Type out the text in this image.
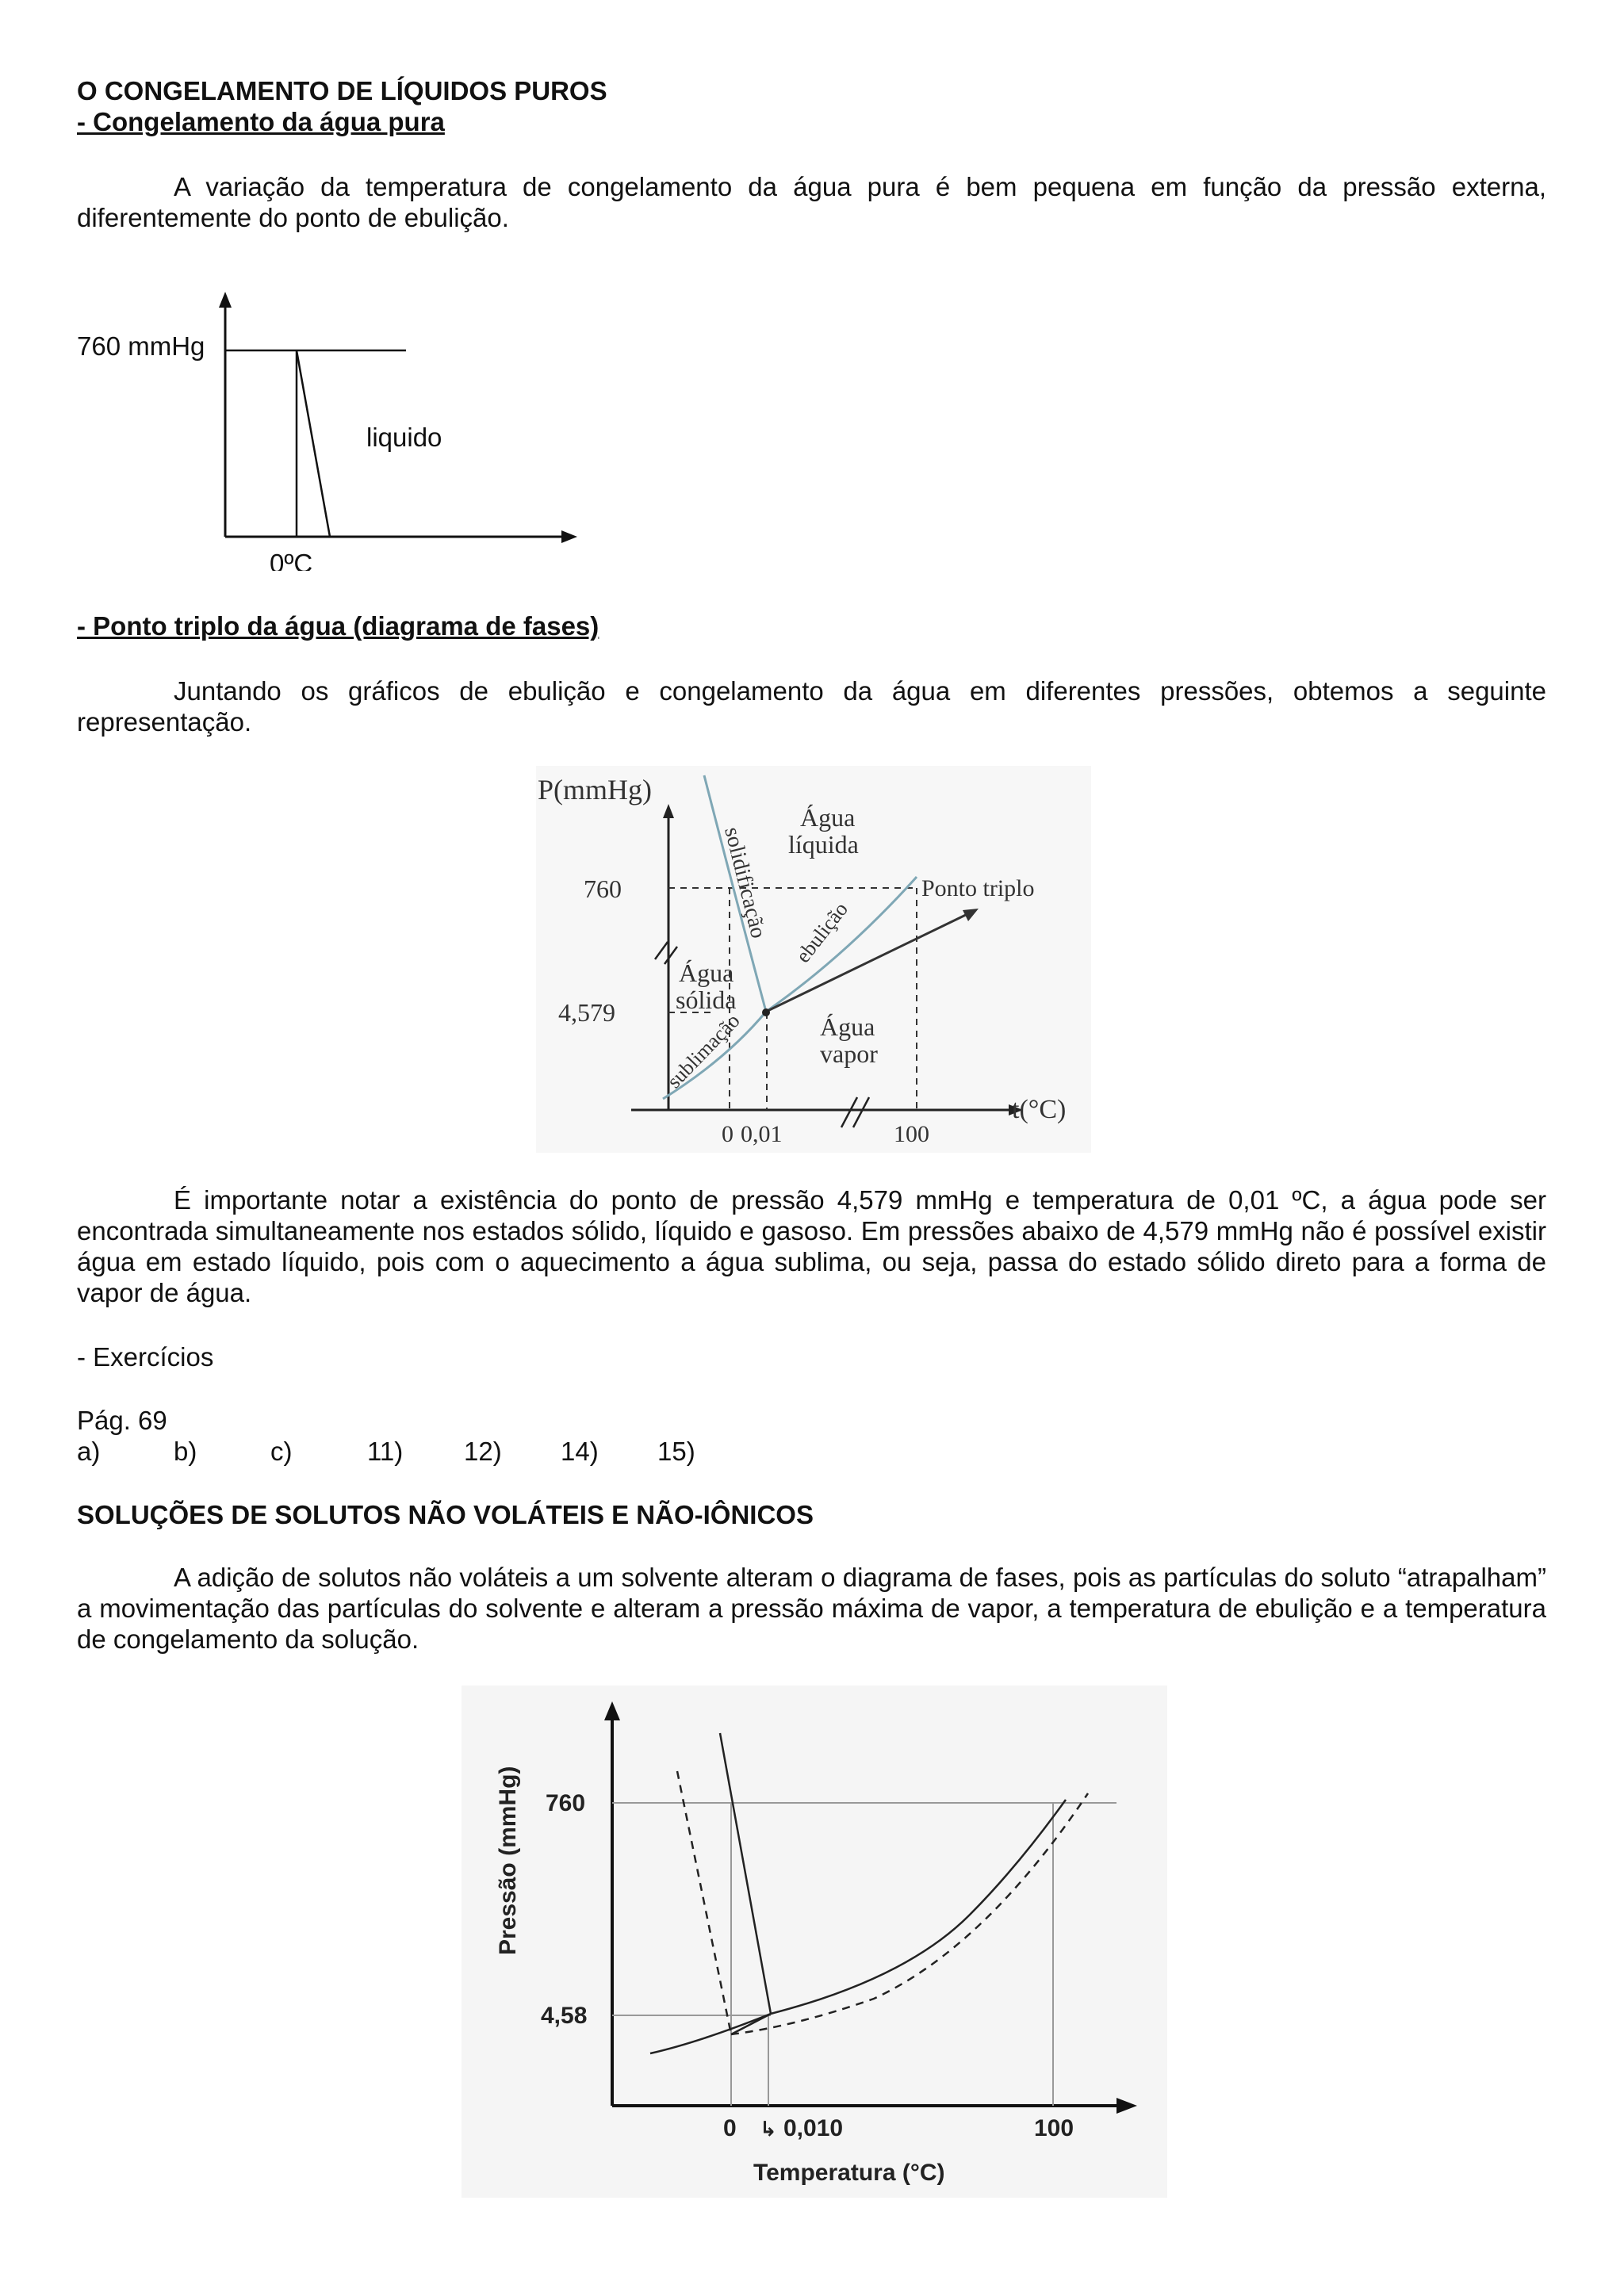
O CONGELAMENTO DE LÍQUIDOS PUROS
- Congelamento da água pura
A variação da temperatura de congelamento da água pura é bem pequena em função da pressão externa, diferentemente do ponto de ebulição.
760 mmHg
liquido
0ºC
- Ponto triplo da água (diagrama de fases)
Juntando os gráficos de ebulição e congelamento da água em diferentes pressões, obtemos a seguinte representação.
P(mmHg)
t(°C)
760
4,579
0 0,01	100
Água
líquida
Água
sólida
Água
vapor
Ponto triplo
solidificação ebulição
sublimação
É importante notar a existência do ponto de pressão 4,579 mmHg e temperatura de 0,01 ºC, a água pode ser encontrada simultaneamente nos estados sólido, líquido e gasoso. Em pressões abaixo de 4,579 mmHg não é possível existir água em estado líquido, pois com o aquecimento a água sublima, ou seja, passa do estado sólido direto para a forma de vapor de água.
- Exercícios
Pág. 69
a)	b)	c)	11) 12) 14) 15)
SOLUÇÕES DE SOLUTOS NÃO VOLÁTEIS E NÃO-IÔNICOS
A adição de solutos não voláteis a um solvente alteram o diagrama de fases, pois as partículas do soluto “atrapalham” a movimentação das partículas do solvente e alteram a pressão máxima de vapor, a temperatura de ebulição e a temperatura de congelamento da solução.
Pressão (mmHg)
Temperatura (°C)
760
4,58
0 ↳ 0,010	100
